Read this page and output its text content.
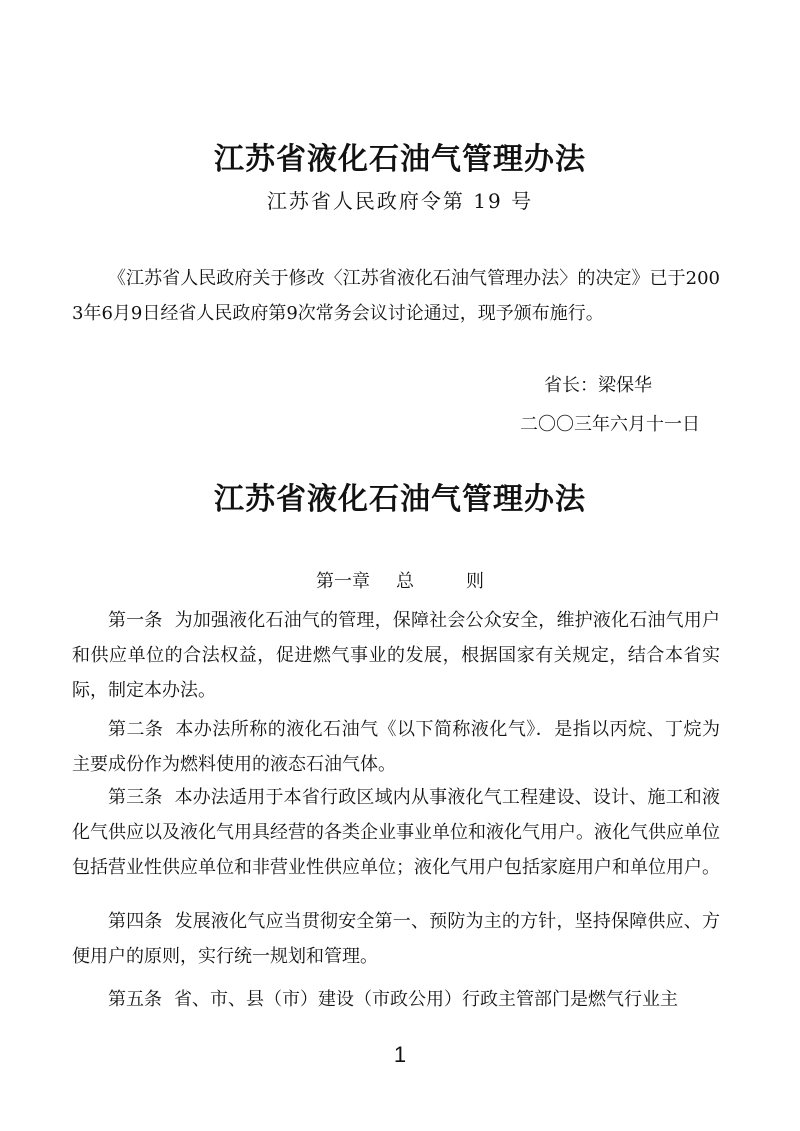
江苏省液化石油气管理办法
江苏省人民政府令第 19 号
《江苏省人民政府关于修改〈江苏省液化石油气管理办法〉的决定》已于2003年6月9日经省人民政府第9次常务会议讨论通过，现予颁布施行。
省长：梁保华
二〇〇三年六月十一日
江苏省液化石油气管理办法
第一章 总	则
第一条 为加强液化石油气的管理，保障社会公众安全，维护液化石油气用户和供应单位的合法权益，促进燃气事业的发展，根据国家有关规定，结合本省实际，制定本办法。
第二条 本办法所称的液化石油气《以下简称液化气》．是指以丙烷、丁烷为主要成份作为燃料使用的液态石油气体。
第三条 本办法适用于本省行政区域内从事液化气工程建设、设计、施工和液化气供应以及液化气用具经营的各类企业事业单位和液化气用户。液化气供应单位包括营业性供应单位和非营业性供应单位；液化气用户包括家庭用户和单位用户。
第四条 发展液化气应当贯彻安全第一、预防为主的方针，坚持保障供应、方便用户的原则，实行统一规划和管理。
第五条 省、市、县（市）建设（市政公用）行政主管部门是燃气行业主
1
